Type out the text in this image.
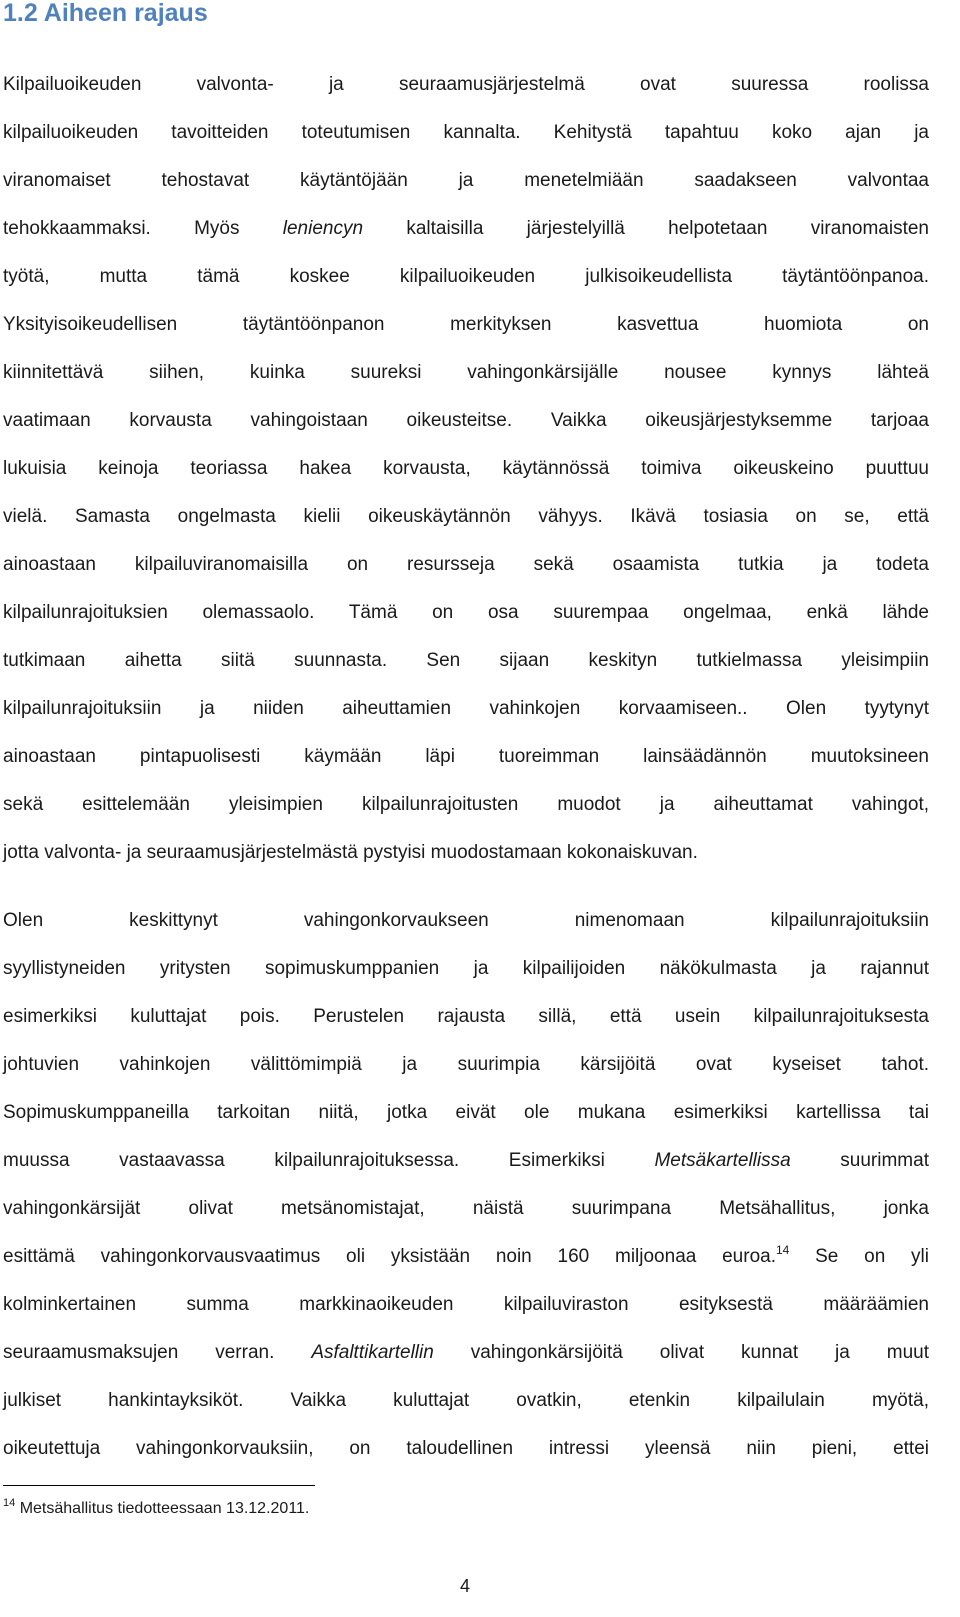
1.2 Aiheen rajaus
Kilpailuoikeuden valvonta- ja seuraamusjärjestelmä ovat suuressa roolissa
kilpailuoikeuden tavoitteiden toteutumisen kannalta. Kehitystä tapahtuu koko ajan ja
viranomaiset tehostavat käytäntöjään ja menetelmiään saadakseen valvontaa
tehokkaammaksi. Myös leniencyn kaltaisilla järjestelyillä helpotetaan viranomaisten
työtä, mutta tämä koskee kilpailuoikeuden julkisoikeudellista täytäntöönpanoa.
Yksityisoikeudellisen täytäntöönpanon merkityksen kasvettua huomiota on
kiinnitettävä siihen, kuinka suureksi vahingonkärsijälle nousee kynnys lähteä
vaatimaan korvausta vahingoistaan oikeusteitse. Vaikka oikeusjärjestyksemme tarjoaa
lukuisia keinoja teoriassa hakea korvausta, käytännössä toimiva oikeuskeino puuttuu
vielä. Samasta ongelmasta kielii oikeuskäytännön vähyys. Ikävä tosiasia on se, että
ainoastaan kilpailuviranomaisilla on resursseja sekä osaamista tutkia ja todeta
kilpailunrajoituksien olemassaolo. Tämä on osa suurempaa ongelmaa, enkä lähde
tutkimaan aihetta siitä suunnasta. Sen sijaan keskityn tutkielmassa yleisimpiin
kilpailunrajoituksiin ja niiden aiheuttamien vahinkojen korvaamiseen.. Olen tyytynyt
ainoastaan pintapuolisesti käymään läpi tuoreimman lainsäädännön muutoksineen
sekä esittelemään yleisimpien kilpailunrajoitusten muodot ja aiheuttamat vahingot,
jotta valvonta- ja seuraamusjärjestelmästä pystyisi muodostamaan kokonaiskuvan.
Olen keskittynyt vahingonkorvaukseen nimenomaan kilpailunrajoituksiin
syyllistyneiden yritysten sopimuskumppanien ja kilpailijoiden näkökulmasta ja rajannut
esimerkiksi kuluttajat pois. Perustelen rajausta sillä, että usein kilpailunrajoituksesta
johtuvien vahinkojen välittömimpiä ja suurimpia kärsijöitä ovat kyseiset tahot.
Sopimuskumppaneilla tarkoitan niitä, jotka eivät ole mukana esimerkiksi kartellissa tai
muussa vastaavassa kilpailunrajoituksessa. Esimerkiksi Metsäkartellissa suurimmat
vahingonkärsijät olivat metsänomistajat, näistä suurimpana Metsähallitus, jonka
esittämä vahingonkorvausvaatimus oli yksistään noin 160 miljoonaa euroa.$^{14}$ Se on yli
kolminkertainen summa markkinaoikeuden kilpailuviraston esityksestä määräämien
seuraamusmaksujen verran. Asfalttikartellin vahingonkärsijöitä olivat kunnat ja muut
julkiset hankintayksiköt. Vaikka kuluttajat ovatkin, etenkin kilpailulain myötä,
oikeutettuja vahingonkorvauksiin, on taloudellinen intressi yleensä niin pieni, ettei

$^{14}$ Metsähallitus tiedotteessaan 13.12.2011.

4
